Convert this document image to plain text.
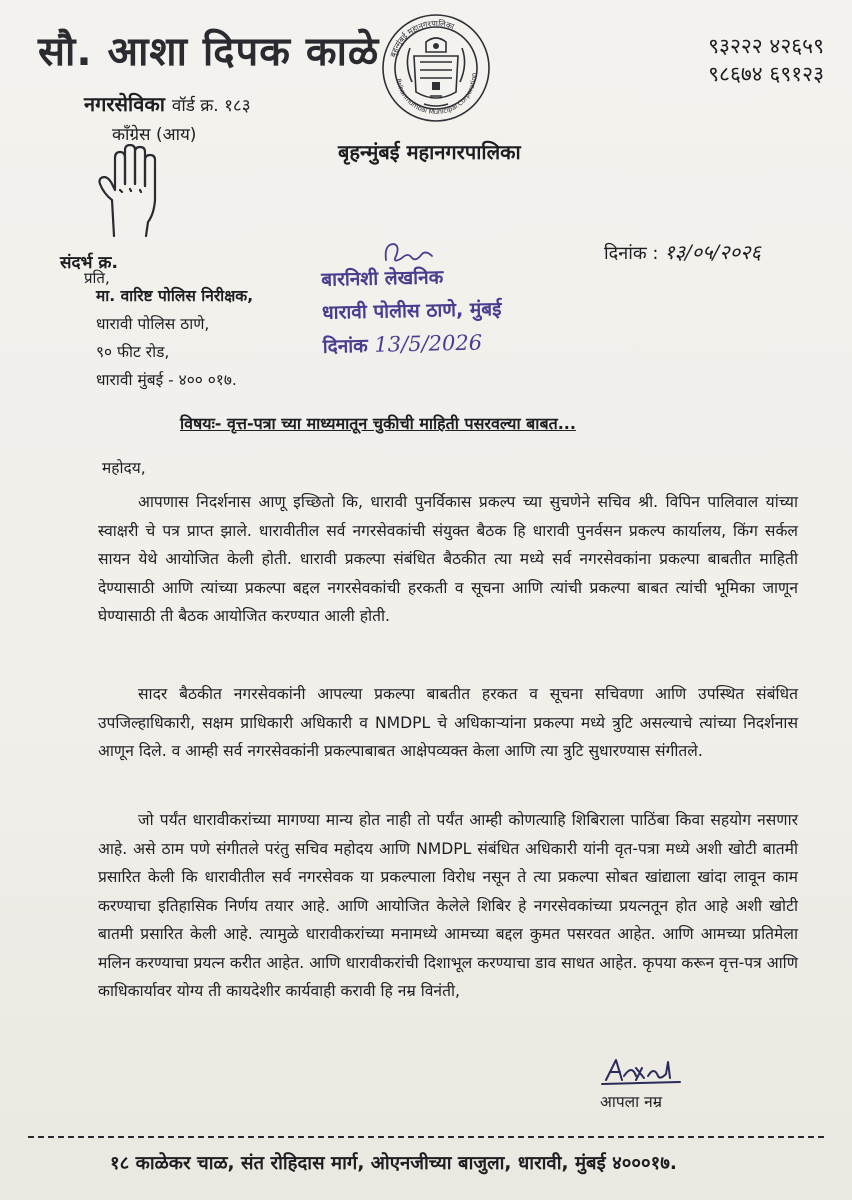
सौ. आशा दिपक काळे
नगरसेविका वॉर्ड क्र. १८३
कॉंग्रेस (आय)
बृहन्मुंबई महानगरपालिका
Brihanmumbai Municipal Corporation
बृहन्मुंबई महानगरपालिका
९३२२२ ४२६५९
९८६७४ ६९१२३
संदर्भ क्र.
प्रति,
दिनांक : १३/०५/२०२६
मा. वारिष्ट पोलिस निरीक्षक,
धारावी पोलिस ठाणे,
९० फीट रोड,
धारावी मुंबई - ४०० ०१७.
बारनिशी लेखनिक
धारावी पोलीस ठाणे, मुंबई
दिनांक 13/5/2026
विषयः- वृत्त-पत्रा च्या माध्यमातून चुकीची माहिती पसरवल्या बाबत...
महोदय,

आपणास निदर्शनास आणू इच्छितो कि, धारावी पुनर्विकास प्रकल्प च्या सुचणेने सचिव श्री. विपिन पालिवाल यांच्या स्वाक्षरी चे पत्र प्राप्त झाले. धारावीतील सर्व नगरसेवकांची संयुक्त बैठक हि धारावी पुनर्वसन प्रकल्प कार्यालय, किंग सर्कल सायन येथे आयोजित केली होती. धारावी प्रकल्पा संबंधित बैठकीत त्या मध्ये सर्व नगरसेवकांना प्रकल्पा बाबतीत माहिती देण्यासाठी आणि त्यांच्या प्रकल्पा बद्दल नगरसेवकांची हरकती व सूचना आणि त्यांची प्रकल्पा बाबत त्यांची भूमिका जाणून घेण्यासाठी ती बैठक आयोजित करण्यात आली होती.

सादर बैठकीत नगरसेवकांनी आपल्या प्रकल्पा बाबतीत हरकत व सूचना सचिवणा आणि उपस्थित संबंधित उपजिल्हाधिकारी, सक्षम प्राधिकारी अधिकारी व NMDPL चे अधिकाऱ्यांना प्रकल्पा मध्ये त्रुटि असल्याचे त्यांच्या निदर्शनास आणून दिले. व आम्ही सर्व नगरसेवकांनी प्रकल्पाबाबत आक्षेपव्यक्त केला आणि त्या त्रुटि सुधारण्यास संगीतले.

जो पर्यंत धारावीकरांच्या मागण्या मान्य होत नाही तो पर्यंत आम्ही कोणत्याहि शिबिराला पाठिंबा किवा सहयोग नसणार आहे. असे ठाम पणे संगीतले परंतु सचिव महोदय आणि NMDPL संबंधित अधिकारी यांनी वृत-पत्रा मध्ये अशी खोटी बातमी प्रसारित केली कि धारावीतील सर्व नगरसेवक या प्रकल्पाला विरोध नसून ते त्या प्रकल्पा सोबत खांद्याला खांदा लावून काम करण्याचा इतिहासिक निर्णय तयार आहे. आणि आयोजित केलेले शिबिर हे नगरसेवकांच्या प्रयत्नतून होत आहे अशी खोटी बातमी प्रसारित केली आहे. त्यामुळे धारावीकरांच्या मनामध्ये आमच्या बद्दल कुमत पसरवत आहेत. आणि आमच्या प्रतिमेला मलिन करण्याचा प्रयत्न करीत आहेत. आणि धारावीकरांची दिशाभूल करण्याचा डाव साधत आहेत. कृपया करून वृत्त-पत्र आणि काधिकार्यावर योग्य ती कायदेशीर कार्यवाही करावी हि नम्र विनंती,

आपला नम्र
१८ काळेकर चाळ, संत रोहिदास मार्ग, ओएनजीच्या बाजुला, धारावी, मुंबई ४०००१७.
